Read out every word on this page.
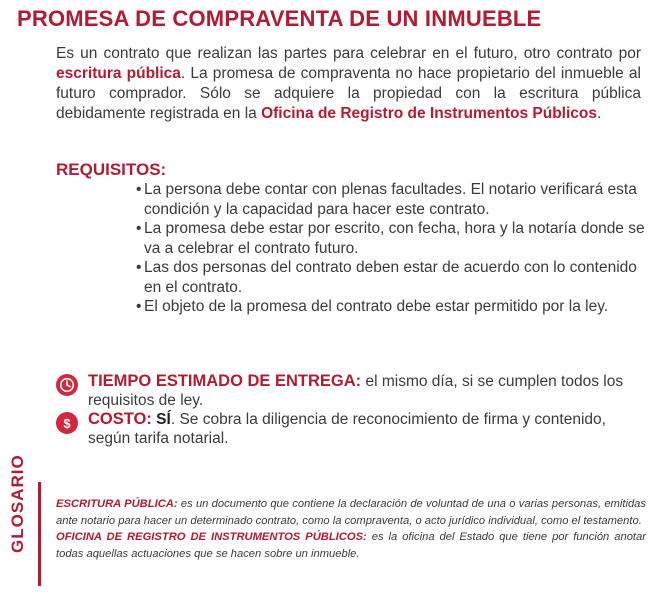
PROMESA DE COMPRAVENTA DE UN INMUEBLE
Es un contrato que realizan las partes para celebrar en el futuro, otro contrato por escritura pública. La promesa de compraventa no hace propietario del inmueble al futuro comprador. Sólo se adquiere la propiedad con la escritura pública debidamente registrada en la Oficina de Registro de Instrumentos Públicos.
REQUISITOS:
• La persona debe contar con plenas facultades. El notario verificará esta condición y la capacidad para hacer este contrato.
• La promesa debe estar por escrito, con fecha, hora y la notaría donde se va a celebrar el contrato futuro.
• Las dos personas del contrato deben estar de acuerdo con lo contenido en el contrato.
• El objeto de la promesa del contrato debe estar permitido por la ley.
TIEMPO ESTIMADO DE ENTREGA: el mismo día, si se cumplen todos los requisitos de ley.
$	COSTO: SÍ. Se cobra la diligencia de reconocimiento de firma y contenido, según tarifa notarial.
GLOSARIO	ESCRITURA PÚBLICA: es un documento que contiene la declaración de voluntad de una o varias personas, emitidas ante notario para hacer un determinado contrato, como la compraventa, o acto jurídico individual, como el testamento.
OFICINA DE REGISTRO DE INSTRUMENTOS PÚBLICOS: es la oficina del Estado que tiene por función anotar todas aquellas actuaciones que se hacen sobre un inmueble.
